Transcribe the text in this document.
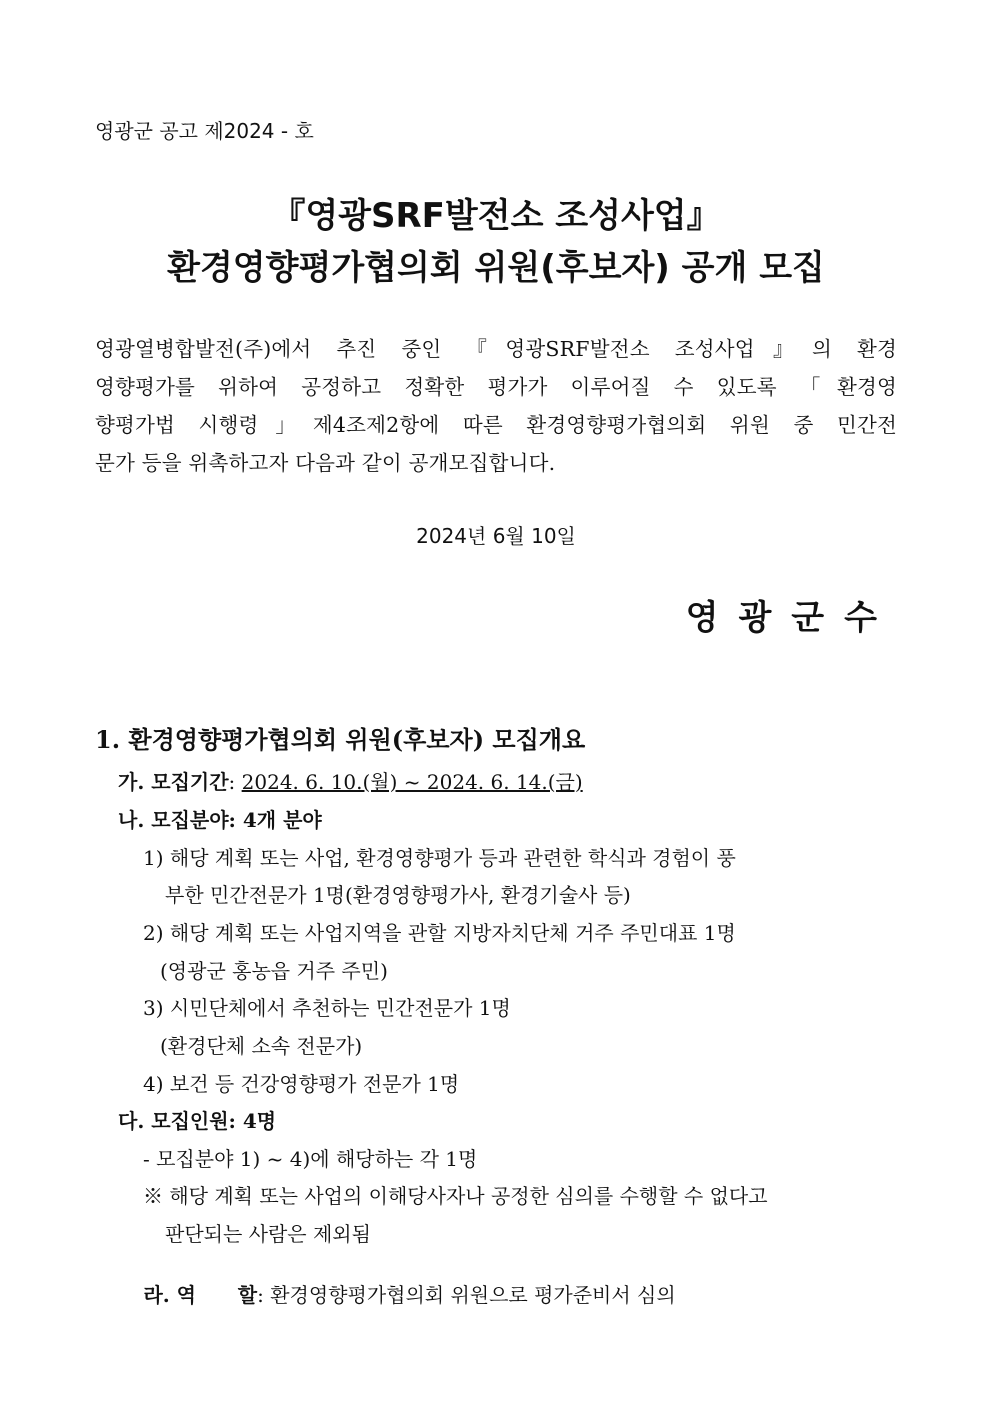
영광군 공고 제2024 - 호
『영광SRF발전소 조성사업』
환경영향평가협의회 위원(후보자) 공개 모집
영광열병합발전(주)에서 추진 중인 『영광SRF발전소 조성사업』의 환경
영향평가를 위하여 공정하고 정확한 평가가 이루어질 수 있도록 「환경영
향평가법 시행령」제4조제2항에 따른 환경영향평가협의회 위원 중 민간전
문가 등을 위촉하고자 다음과 같이 공개모집합니다.
2024년 6월 10일
영광군수
1. 환경영향평가협의회 위원(후보자) 모집개요
가. 모집기간: 2024. 6. 10.(월) ~ 2024. 6. 14.(금)
나. 모집분야: 4개 분야
1) 해당 계획 또는 사업, 환경영향평가 등과 관련한 학식과 경험이 풍
부한 민간전문가 1명(환경영향평가사, 환경기술사 등)
2) 해당 계획 또는 사업지역을 관할 지방자치단체 거주 주민대표 1명
(영광군 홍농읍 거주 주민)
3) 시민단체에서 추천하는 민간전문가 1명
(환경단체 소속 전문가)
4) 보건 등 건강영향평가 전문가 1명
다. 모집인원: 4명
- 모집분야 1) ~ 4)에 해당하는 각 1명
※ 해당 계획 또는 사업의 이해당사자나 공정한 심의를 수행할 수 없다고
판단되는 사람은 제외됨

라. 역      할: 환경영향평가협의회 위원으로 평가준비서 심의
